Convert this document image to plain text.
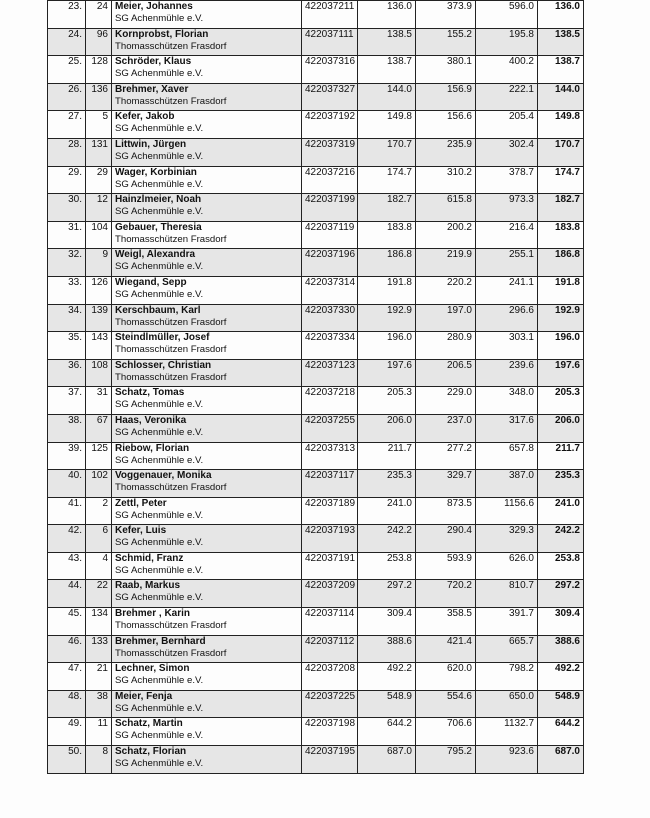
23.	24	Meier, Johannes
SG Achenmühle e.V.	422037211	136.0	373.9	596.0	136.0
24.	96	Kornprobst, Florian
Thomasschützen Frasdorf	422037111	138.5	155.2	195.8	138.5
25.	128	Schröder, Klaus
SG Achenmühle e.V.	422037316	138.7	380.1	400.2	138.7
26.	136	Brehmer, Xaver
Thomasschützen Frasdorf	422037327	144.0	156.9	222.1	144.0
27.	5	Kefer, Jakob
SG Achenmühle e.V.	422037192	149.8	156.6	205.4	149.8
28.	131	Littwin, Jürgen
SG Achenmühle e.V.	422037319	170.7	235.9	302.4	170.7
29.	29	Wager, Korbinian
SG Achenmühle e.V.	422037216	174.7	310.2	378.7	174.7
30.	12	Hainzlmeier, Noah
SG Achenmühle e.V.	422037199	182.7	615.8	973.3	182.7
31.	104	Gebauer, Theresia
Thomasschützen Frasdorf	422037119	183.8	200.2	216.4	183.8
32.	9	Weigl, Alexandra
SG Achenmühle e.V.	422037196	186.8	219.9	255.1	186.8
33.	126	Wiegand, Sepp
SG Achenmühle e.V.	422037314	191.8	220.2	241.1	191.8
34.	139	Kerschbaum, Karl
Thomasschützen Frasdorf	422037330	192.9	197.0	296.6	192.9
35.	143	Steindlmüller, Josef
Thomasschützen Frasdorf	422037334	196.0	280.9	303.1	196.0
36.	108	Schlosser, Christian
Thomasschützen Frasdorf	422037123	197.6	206.5	239.6	197.6
37.	31	Schatz, Tomas
SG Achenmühle e.V.	422037218	205.3	229.0	348.0	205.3
38.	67	Haas, Veronika
SG Achenmühle e.V.	422037255	206.0	237.0	317.6	206.0
39.	125	Riebow, Florian
SG Achenmühle e.V.	422037313	211.7	277.2	657.8	211.7
40.	102	Voggenauer, Monika
Thomasschützen Frasdorf	422037117	235.3	329.7	387.0	235.3
41.	2	Zettl, Peter
SG Achenmühle e.V.	422037189	241.0	873.5	1156.6	241.0
42.	6	Kefer, Luis
SG Achenmühle e.V.	422037193	242.2	290.4	329.3	242.2
43.	4	Schmid, Franz
SG Achenmühle e.V.	422037191	253.8	593.9	626.0	253.8
44.	22	Raab, Markus
SG Achenmühle e.V.	422037209	297.2	720.2	810.7	297.2
45.	134	Brehmer , Karin
Thomasschützen Frasdorf	422037114	309.4	358.5	391.7	309.4
46.	133	Brehmer, Bernhard
Thomasschützen Frasdorf	422037112	388.6	421.4	665.7	388.6
47.	21	Lechner, Simon
SG Achenmühle e.V.	422037208	492.2	620.0	798.2	492.2
48.	38	Meier, Fenja
SG Achenmühle e.V.	422037225	548.9	554.6	650.0	548.9
49.	11	Schatz, Martin
SG Achenmühle e.V.	422037198	644.2	706.6	1132.7	644.2
50.	8	Schatz, Florian
SG Achenmühle e.V.	422037195	687.0	795.2	923.6	687.0
